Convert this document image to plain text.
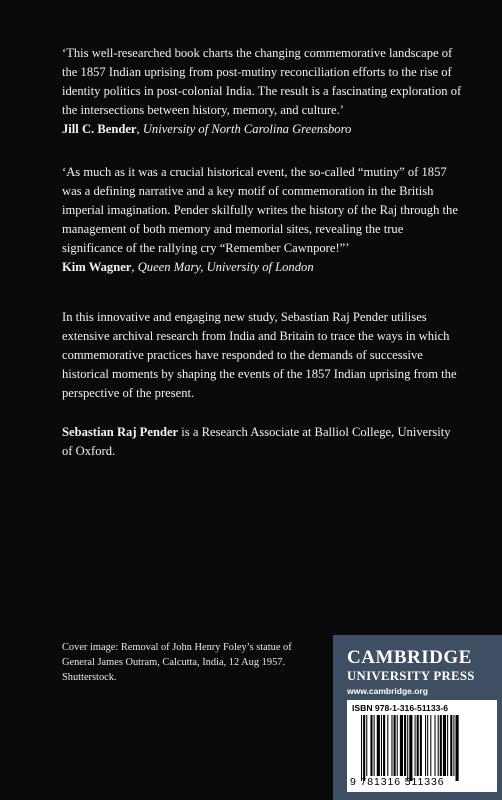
‘This well-researched book charts the changing commemorative landscape of the 1857 Indian uprising from post-mutiny reconciliation efforts to the rise of identity politics in post-colonial India. The result is a fascinating exploration of the intersections between history, memory, and culture.’
Jill C. Bender, University of North Carolina Greensboro
‘As much as it was a crucial historical event, the so-called “mutiny” of 1857 was a defining narrative and a key motif of commemoration in the British imperial imagination. Pender skilfully writes the history of the Raj through the management of both memory and memorial sites, revealing the true significance of the rallying cry “Remember Cawnpore!”’
Kim Wagner, Queen Mary, University of London
In this innovative and engaging new study, Sebastian Raj Pender utilises extensive archival research from India and Britain to trace the ways in which commemorative practices have responded to the demands of successive historical moments by shaping the events of the 1857 Indian uprising from the perspective of the present.
Sebastian Raj Pender is a Research Associate at Balliol College, University of Oxford.
Cover image: Removal of John Henry Foley’s statue of General James Outram, Calcutta, India, 12 Aug 1957. Shutterstock.
CAMBRIDGE
UNIVERSITY PRESS
www.cambridge.org
ISBN 978-1-316-51133-6
9 781316 511336
